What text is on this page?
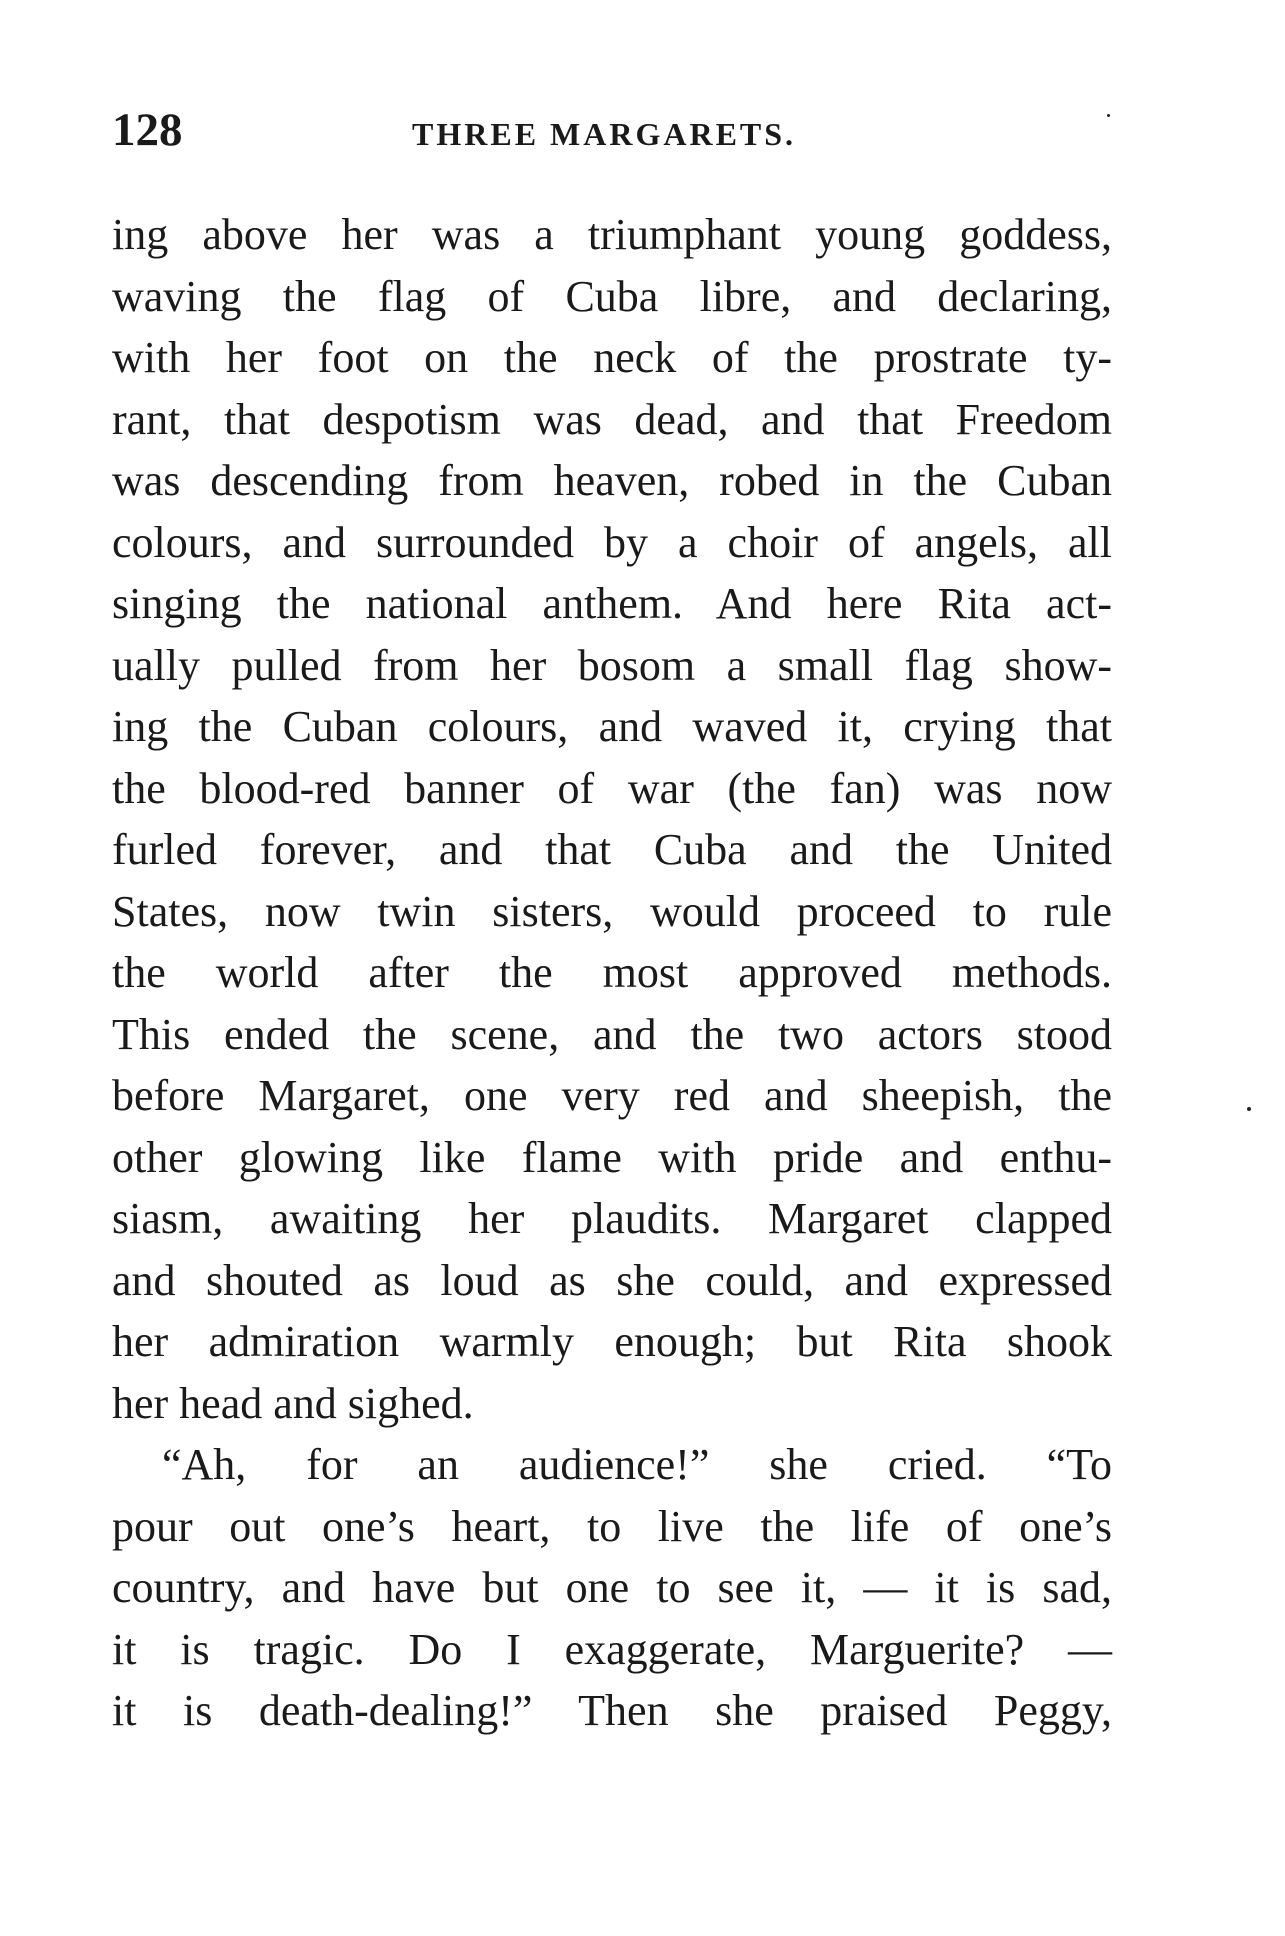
128	THREE MARGARETS.
ing above her was a triumphant young goddess,
waving the flag of Cuba libre, and declaring,
with her foot on the neck of the prostrate ty-
rant, that despotism was dead, and that Freedom
was descending from heaven, robed in the Cuban
colours, and surrounded by a choir of angels, all
singing the national anthem. And here Rita act-
ually pulled from her bosom a small flag show-
ing the Cuban colours, and waved it, crying that
the blood-red banner of war (the fan) was now
furled forever, and that Cuba and the United
States, now twin sisters, would proceed to rule
the world after the most approved methods.
This ended the scene, and the two actors stood
before Margaret, one very red and sheepish, the
other glowing like flame with pride and enthu-
siasm, awaiting her plaudits. Margaret clapped
and shouted as loud as she could, and expressed
her admiration warmly enough; but Rita shook
her head and sighed.
“Ah, for an audience!” she cried. “To
pour out one’s heart, to live the life of one’s
country, and have but one to see it, — it is sad,
it is tragic. Do I exaggerate, Marguerite? —
it is death-dealing!” Then she praised Peggy,
